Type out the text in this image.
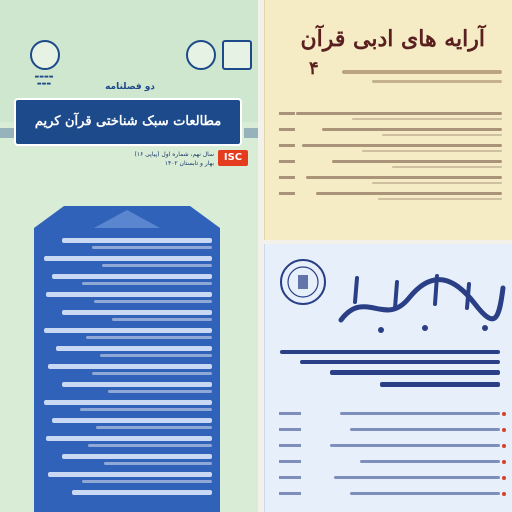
▬▬▬▬
▬▬▬	دو فصلنامه
مطالعات سبک شناختی قرآن کریم
ISC
سال نهم، شماره اول (پیاپی ۱۶)
بهار و تابستان ۱۴۰۲
آرایه های ادبی قرآن
۴
